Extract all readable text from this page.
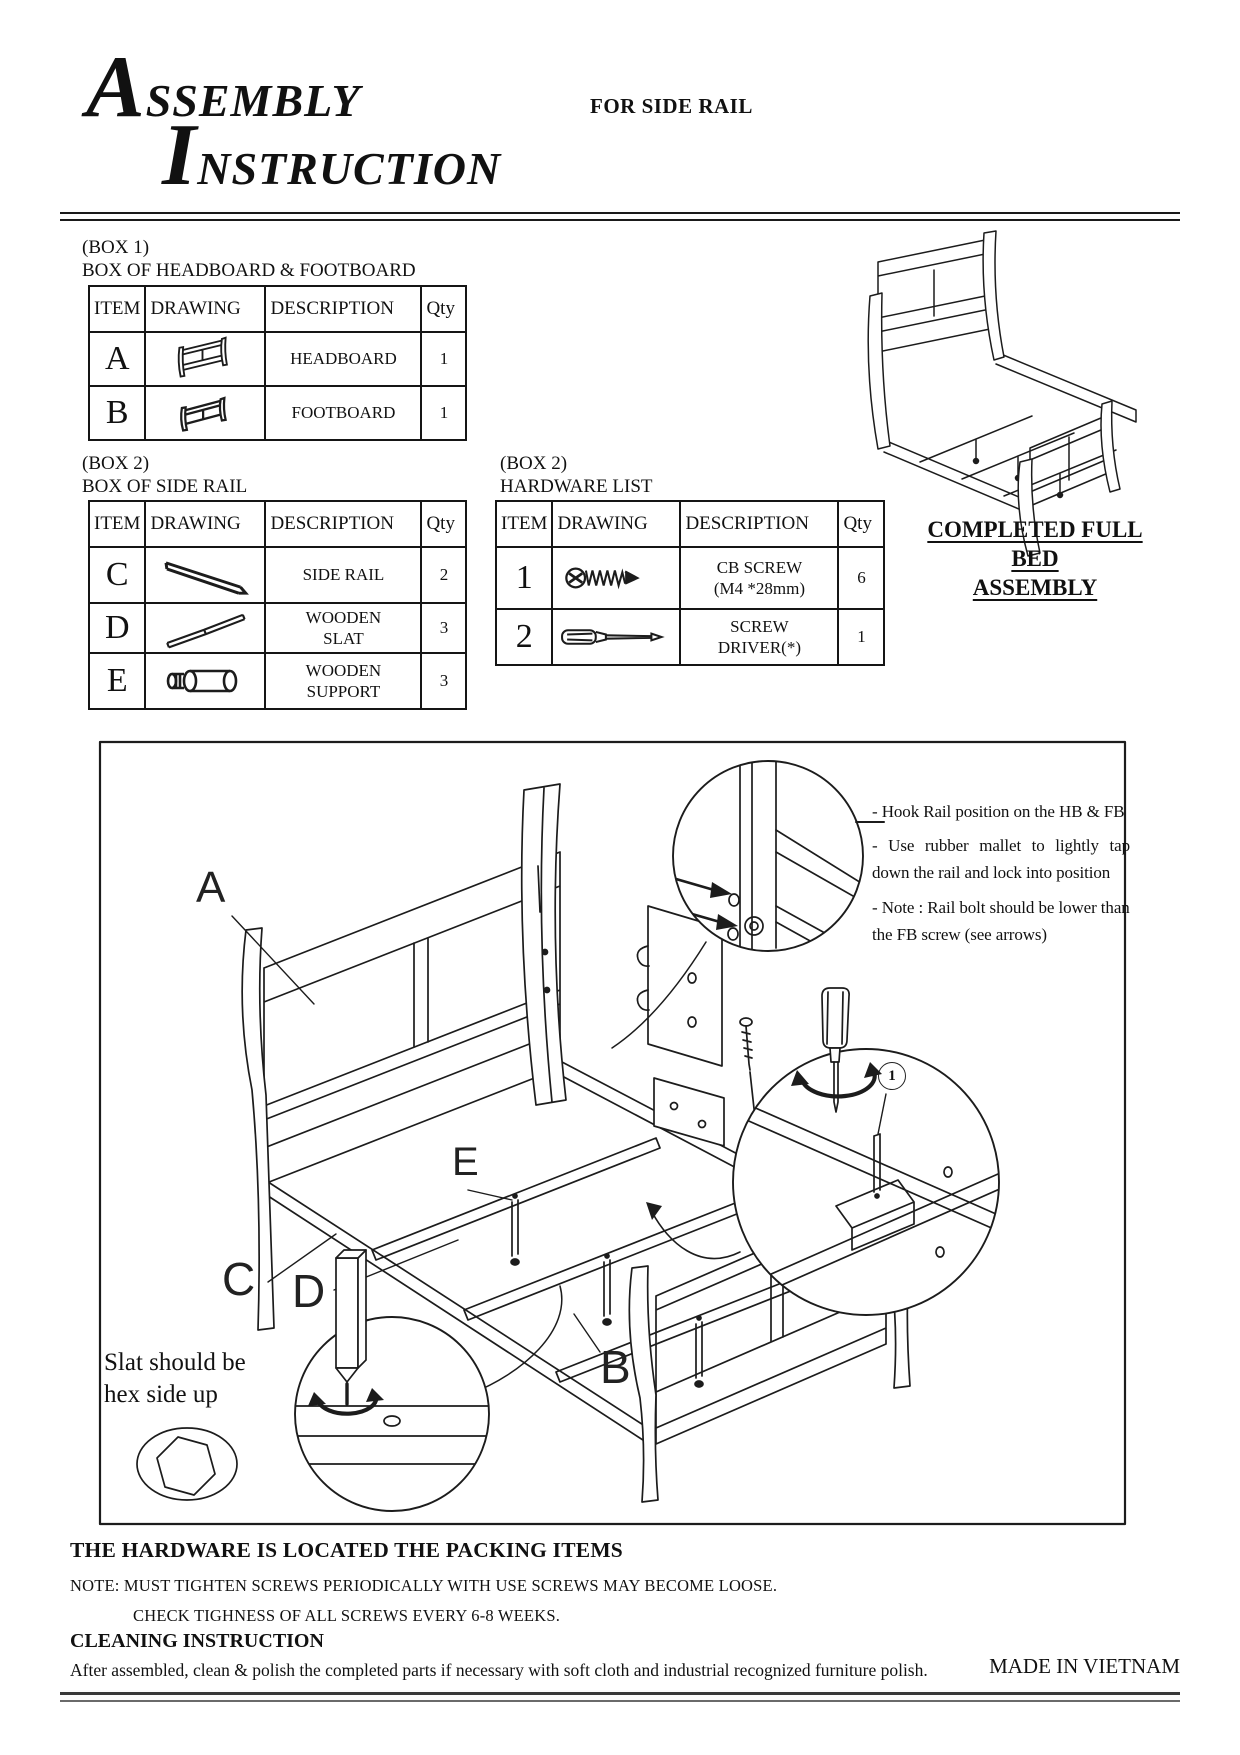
A SSEMBLY
I NSTRUCTION
FOR SIDE RAIL
(BOX 1)
BOX OF HEADBOARD & FOOTBOARD
ITEM	DRAWING	DESCRIPTION	Qty
A		HEADBOARD	1
B		FOOTBOARD	1
(BOX 2)
BOX OF SIDE RAIL
ITEM	DRAWING	DESCRIPTION	Qty
C		SIDE RAIL	2
D		WOODEN
SLAT	3
E		WOODEN
SUPPORT	3
(BOX 2)
HARDWARE LIST
ITEM	DRAWING	DESCRIPTION	Qty
1		CB SCREW
(M4 *28mm)	6
2		SCREW
DRIVER(*)	1
COMPLETED FULL BED
ASSEMBLY

- Hook Rail position on the HB & FB

- Use rubber mallet to lightly tap down the rail and lock into position

- Note : Rail bolt should be lower than the FB screw (see arrows)

A
E
C D
B
1
Slat should be
hex side up
THE HARDWARE IS LOCATED THE PACKING ITEMS
NOTE: MUST TIGHTEN SCREWS PERIODICALLY WITH USE SCREWS MAY BECOME LOOSE.
CHECK TIGHNESS OF ALL SCREWS EVERY 6-8 WEEKS.
CLEANING INSTRUCTION
After assembled, clean & polish the completed parts if necessary with soft cloth and industrial recognized furniture polish.	MADE IN VIETNAM
